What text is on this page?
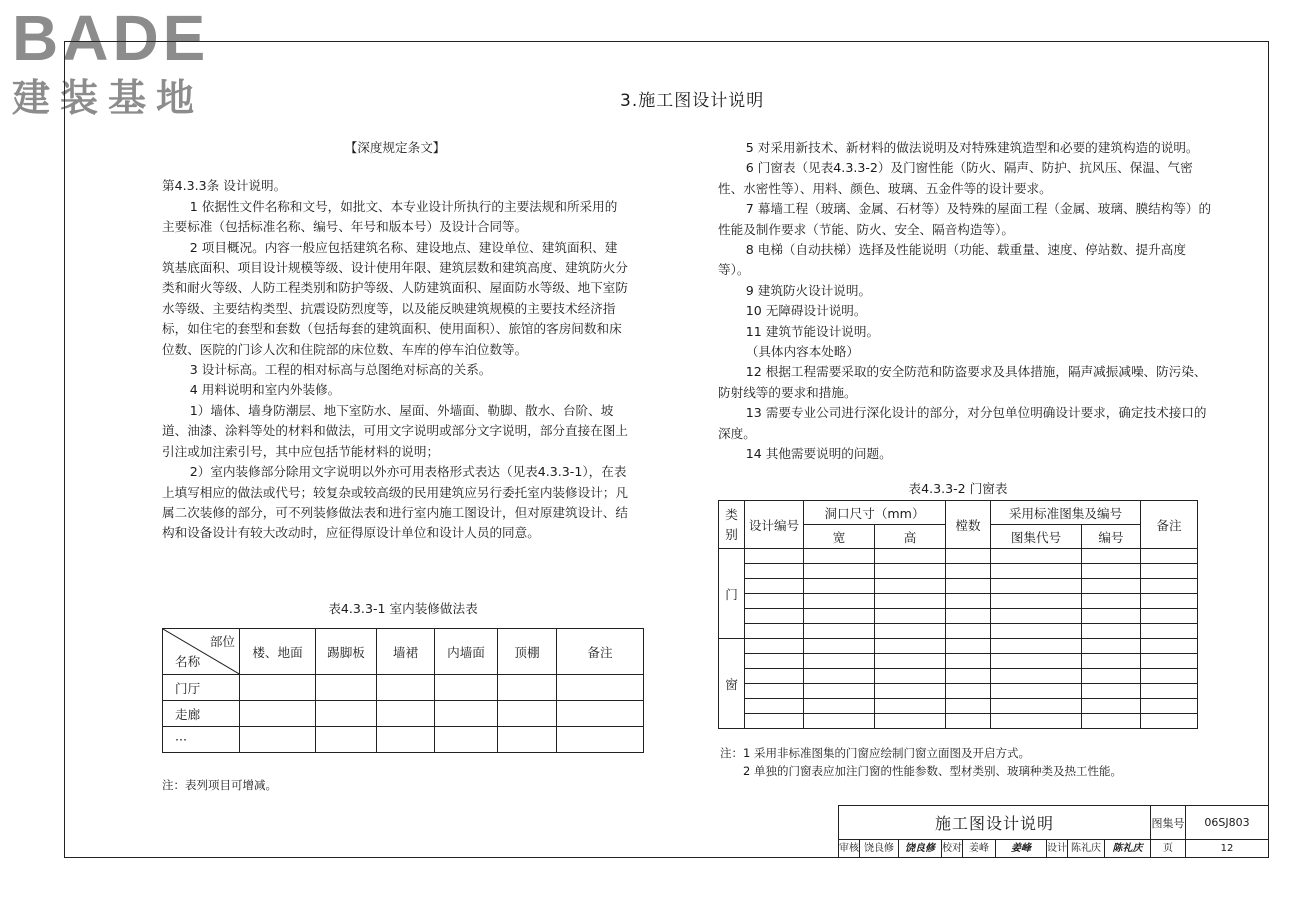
BADE
建装基地	3.施工图设计说明

【深度规定条文】

第4.3.3条 设计说明。

1 依据性文件名称和文号，如批文、本专业设计所执行的主要法规和所采用的主要标准（包括标准名称、编号、年号和版本号）及设计合同等。

2 项目概况。内容一般应包括建筑名称、建设地点、建设单位、建筑面积、建筑基底面积、项目设计规模等级、设计使用年限、建筑层数和建筑高度、建筑防火分类和耐火等级、人防工程类别和防护等级、人防建筑面积、屋面防水等级、地下室防水等级、主要结构类型、抗震设防烈度等，以及能反映建筑规模的主要技术经济指标，如住宅的套型和套数（包括每套的建筑面积、使用面积）、旅馆的客房间数和床位数、医院的门诊人次和住院部的床位数、车库的停车泊位数等。

3 设计标高。工程的相对标高与总图绝对标高的关系。

4 用料说明和室内外装修。

1）墙体、墙身防潮层、地下室防水、屋面、外墙面、勒脚、散水、台阶、坡道、油漆、涂料等处的材料和做法，可用文字说明或部分文字说明，部分直接在图上引注或加注索引号，其中应包括节能材料的说明；

2）室内装修部分除用文字说明以外亦可用表格形式表达（见表4.3.3-1），在表上填写相应的做法或代号；较复杂或较高级的民用建筑应另行委托室内装修设计；凡属二次装修的部分，可不列装修做法表和进行室内施工图设计，但对原建筑设计、结构和设备设计有较大改动时，应征得原设计单位和设计人员的同意。

表4.3.3-1 室内装修做法表
部位
名称	楼、地面	踢脚板	墙裙	内墙面	顶棚	备注
门厅						
走廊						
···						
注：表列项目可增减。

5 对采用新技术、新材料的做法说明及对特殊建筑造型和必要的建筑构造的说明。

6 门窗表（见表4.3.3-2）及门窗性能（防火、隔声、防护、抗风压、保温、气密性、水密性等）、用料、颜色、玻璃、五金件等的设计要求。

7 幕墙工程（玻璃、金属、石材等）及特殊的屋面工程（金属、玻璃、膜结构等）的性能及制作要求（节能、防火、安全、隔音构造等）。

8 电梯（自动扶梯）选择及性能说明（功能、载重量、速度、停站数、提升高度等）。

9 建筑防火设计说明。

10 无障碍设计说明。

11 建筑节能设计说明。

（具体内容本处略）

12 根据工程需要采取的安全防范和防盗要求及具体措施，隔声减振减噪、防污染、防射线等的要求和措施。

13 需要专业公司进行深化设计的部分，对分包单位明确设计要求，确定技术接口的深度。

14 其他需要说明的问题。

表4.3.3-2 门窗表
类别	设计编号	洞口尺寸（mm）		樘数	采用标准图集及编号		备注
		宽	高		图集代号	编号	
门							

窗							

注：1 采用非标准图集的门窗应绘制门窗立面图及开启方式。
2 单独的门窗表应加注门窗的性能参数、型材类别、玻璃种类及热工性能。
施工图设计说明	图集号	06SJ803
审核 饶良修	饶良修 校对 姜峰	姜峰	设计 陈礼庆	陈礼庆	页	12
